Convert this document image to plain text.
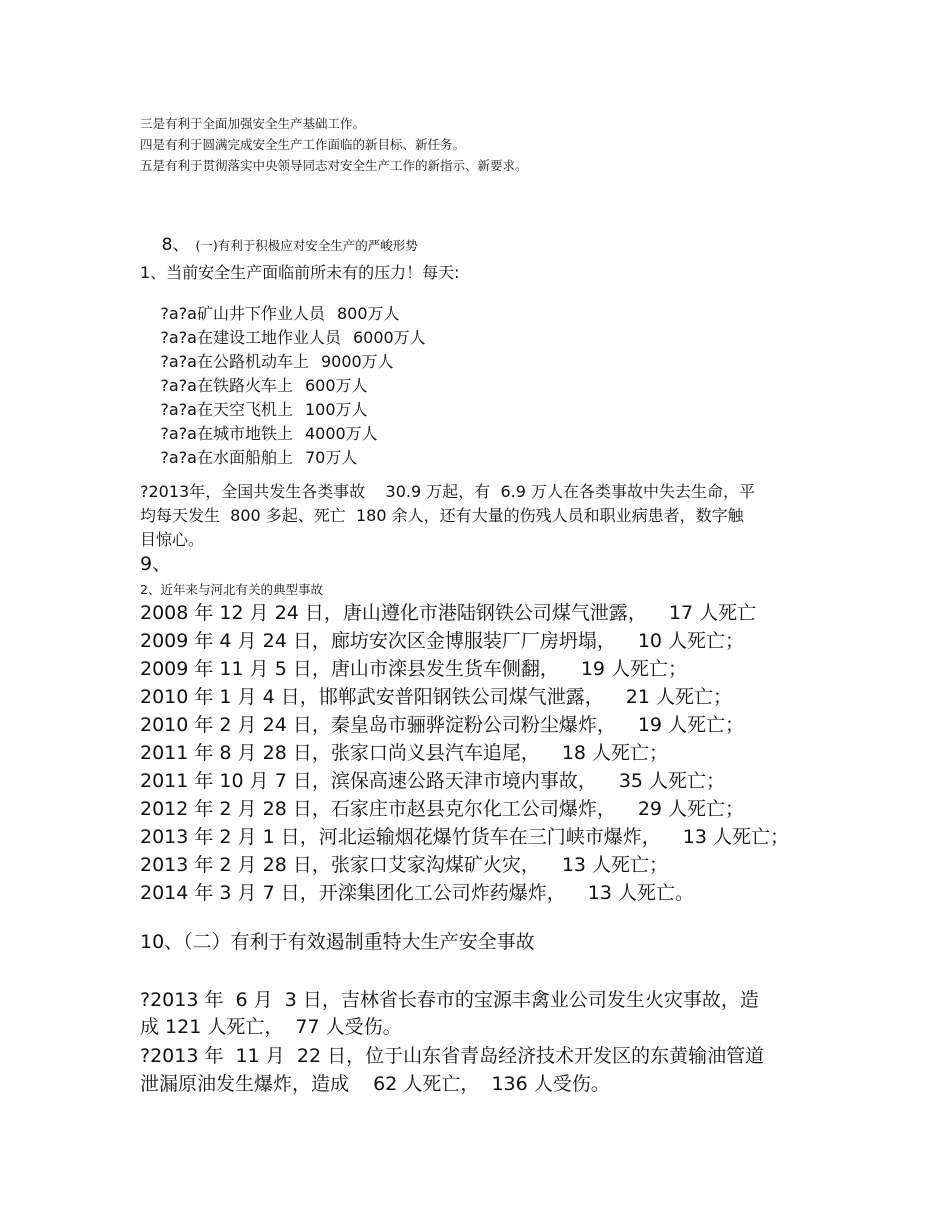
三是有利于全面加强安全生产基础工作。
四是有利于圆满完成安全生产工作面临的新目标、新任务。
五是有利于贯彻落实中央领导同志对安全生产工作的新指示、新要求。

8、 (一)有利于积极应对安全生产的严峻形势

1、当前安全生产面临前所未有的压力！每天:

?a?a矿山井下作业人员 800万人

?a?a在建设工地作业人员 6000万人

?a?a在公路机动车上 9000万人

?a?a在铁路火车上 600万人

?a?a在天空飞机上 100万人

?a?a在城市地铁上 4000万人

?a?a在水面船舶上 70万人

?2013年，全国共发生各类事故    30.9 万起，有  6.9 万人在各类事故中失去生命，平
均每天发生  800 多起、死亡  180 余人，还有大量的伤残人员和职业病患者，数字触
目惊心。
9、
2、近年来与河北有关的典型事故
2008 年 12 月 24 日，唐山遵化市港陆钢铁公司煤气泄露， 17 人死亡
2009 年 4 月 24 日，廊坊安次区金博服装厂厂房坍塌， 10 人死亡；
2009 年 11 月 5 日，唐山市滦县发生货车侧翻， 19 人死亡；
2010 年 1 月 4 日，邯郸武安普阳钢铁公司煤气泄露， 21 人死亡；
2010 年 2 月 24 日，秦皇岛市骊骅淀粉公司粉尘爆炸， 19 人死亡；
2011 年 8 月 28 日，张家口尚义县汽车追尾， 18 人死亡；
2011 年 10 月 7 日，滨保高速公路天津市境内事故， 35 人死亡；
2012 年 2 月 28 日，石家庄市赵县克尔化工公司爆炸， 29 人死亡；
2013 年 2 月 1 日，河北运输烟花爆竹货车在三门峡市爆炸， 13 人死亡；
2013 年 2 月 28 日，张家口艾家沟煤矿火灾， 13 人死亡；
2014 年 3 月 7 日，开滦集团化工公司炸药爆炸， 13 人死亡。
10、（二）有利于有效遏制重特大生产安全事故
?2013 年  6 月  3 日，吉林省长春市的宝源丰禽业公司发生火灾事故，造
成 121 人死亡，  77 人受伤。
?2013 年  11 月  22 日，位于山东省青岛经济技术开发区的东黄输油管道
泄漏原油发生爆炸，造成    62 人死亡，  136 人受伤。
